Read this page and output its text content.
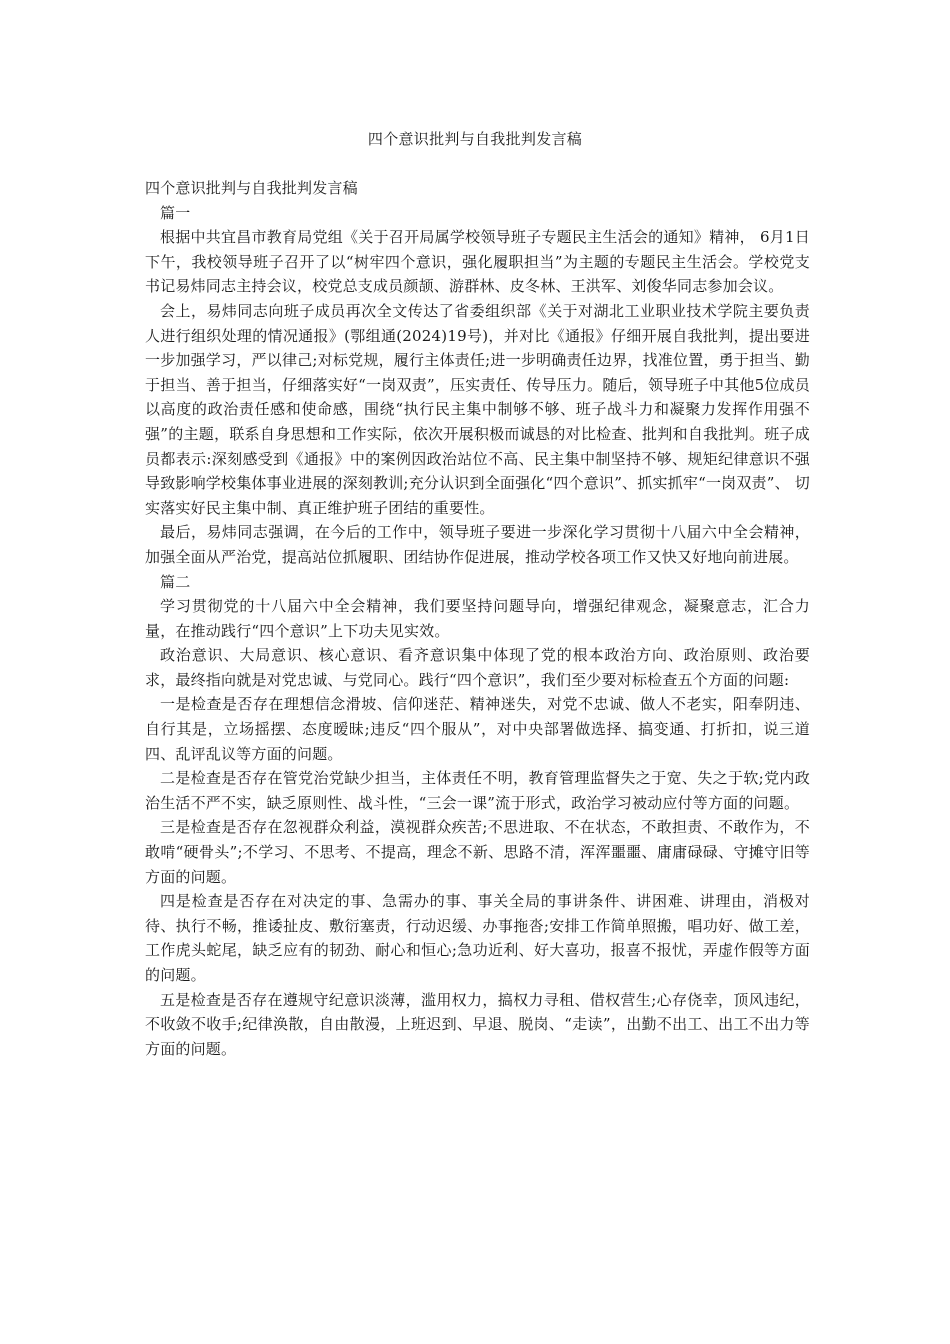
四个意识批判与自我批判发言稿

四个意识批判与自我批判发言稿

篇一

根据中共宜昌市教育局党组《关于召开局属学校领导班子专题民主生活会的通知》精神， 6月1日下午，我校领导班子召开了以“树牢四个意识，强化履职担当”为主题的专题民主生活会。学校党支书记易炜同志主持会议，校党总支成员颜颉、游群林、皮冬林、王洪军、刘俊华同志参加会议。

会上，易炜同志向班子成员再次全文传达了省委组织部《关于对湖北工业职业技术学院主要负责人进行组织处理的情况通报》(鄂组通(2024)19号)，并对比《通报》仔细开展自我批判，提出要进一步加强学习，严以律己;对标党规，履行主体责任;进一步明确责任边界，找准位置，勇于担当、勤于担当、善于担当，仔细落实好“一岗双责”，压实责任、传导压力。随后，领导班子中其他5位成员以高度的政治责任感和使命感，围绕“执行民主集中制够不够、班子战斗力和凝聚力发挥作用强不强”的主题，联系自身思想和工作实际，依次开展积极而诚恳的对比检查、批判和自我批判。班子成员都表示:深刻感受到《通报》中的案例因政治站位不高、民主集中制坚持不够、规矩纪律意识不强导致影响学校集体事业进展的深刻教训;充分认识到全面强化“四个意识”、抓实抓牢“一岗双责”、 切实落实好民主集中制、真正维护班子团结的重要性。

最后，易炜同志强调，在今后的工作中，领导班子要进一步深化学习贯彻十八届六中全会精神，加强全面从严治党，提高站位抓履职、团结协作促进展，推动学校各项工作又快又好地向前进展。

篇二

学习贯彻党的十八届六中全会精神，我们要坚持问题导向，增强纪律观念，凝聚意志，汇合力量，在推动践行“四个意识”上下功夫见实效。

政治意识、大局意识、核心意识、看齐意识集中体现了党的根本政治方向、政治原则、政治要求，最终指向就是对党忠诚、与党同心。践行“四个意识”，我们至少要对标检查五个方面的问题:

一是检查是否存在理想信念滑坡、信仰迷茫、精神迷失，对党不忠诚、做人不老实，阳奉阴违、自行其是，立场摇摆、态度暧昧;违反“四个服从”，对中央部署做选择、搞变通、打折扣，说三道四、乱评乱议等方面的问题。

二是检查是否存在管党治党缺少担当，主体责任不明，教育管理监督失之于宽、失之于软;党内政治生活不严不实，缺乏原则性、战斗性，“三会一课”流于形式，政治学习被动应付等方面的问题。

三是检查是否存在忽视群众利益，漠视群众疾苦;不思进取、不在状态，不敢担责、不敢作为，不敢啃“硬骨头”;不学习、不思考、不提高，理念不新、思路不清，浑浑噩噩、庸庸碌碌、守摊守旧等方面的问题。

四是检查是否存在对决定的事、急需办的事、事关全局的事讲条件、讲困难、讲理由，消极对待、执行不畅，推诿扯皮、敷衍塞责，行动迟缓、办事拖沓;安排工作简单照搬，唱功好、做工差，工作虎头蛇尾，缺乏应有的韧劲、耐心和恒心;急功近利、好大喜功，报喜不报忧，弄虚作假等方面的问题。

五是检查是否存在遵规守纪意识淡薄，滥用权力，搞权力寻租、借权营生;心存侥幸，顶风违纪，不收敛不收手;纪律涣散，自由散漫，上班迟到、早退、脱岗、“走读”，出勤不出工、出工不出力等方面的问题。
